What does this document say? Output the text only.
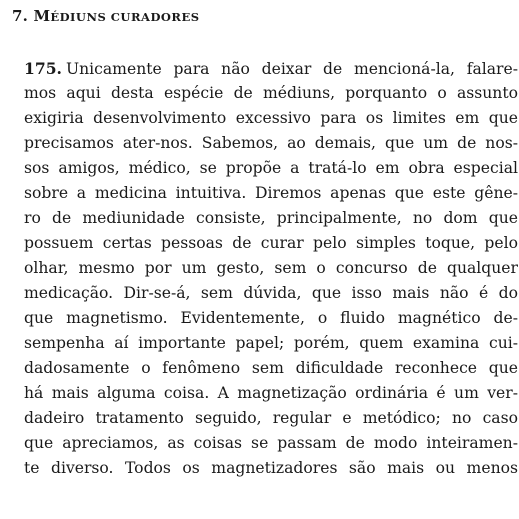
7. MÉDIUNS CURADORES
175. Unicamente para não deixar de mencioná-la, falare-
mos aqui desta espécie de médiuns, porquanto o assunto
exigiria desenvolvimento excessivo para os limites em que
precisamos ater-nos. Sabemos, ao demais, que um de nos-
sos amigos, médico, se propõe a tratá-lo em obra especial
sobre a medicina intuitiva. Diremos apenas que este gêne-
ro de mediunidade consiste, principalmente, no dom que
possuem certas pessoas de curar pelo simples toque, pelo
olhar, mesmo por um gesto, sem o concurso de qualquer
medicação. Dir-se-á, sem dúvida, que isso mais não é do
que magnetismo. Evidentemente, o fluido magnético de-
sempenha aí importante papel; porém, quem examina cui-
dadosamente o fenômeno sem dificuldade reconhece que
há mais alguma coisa. A magnetização ordinária é um ver-
dadeiro tratamento seguido, regular e metódico; no caso
que apreciamos, as coisas se passam de modo inteiramen-
te diverso. Todos os magnetizadores são mais ou menos
